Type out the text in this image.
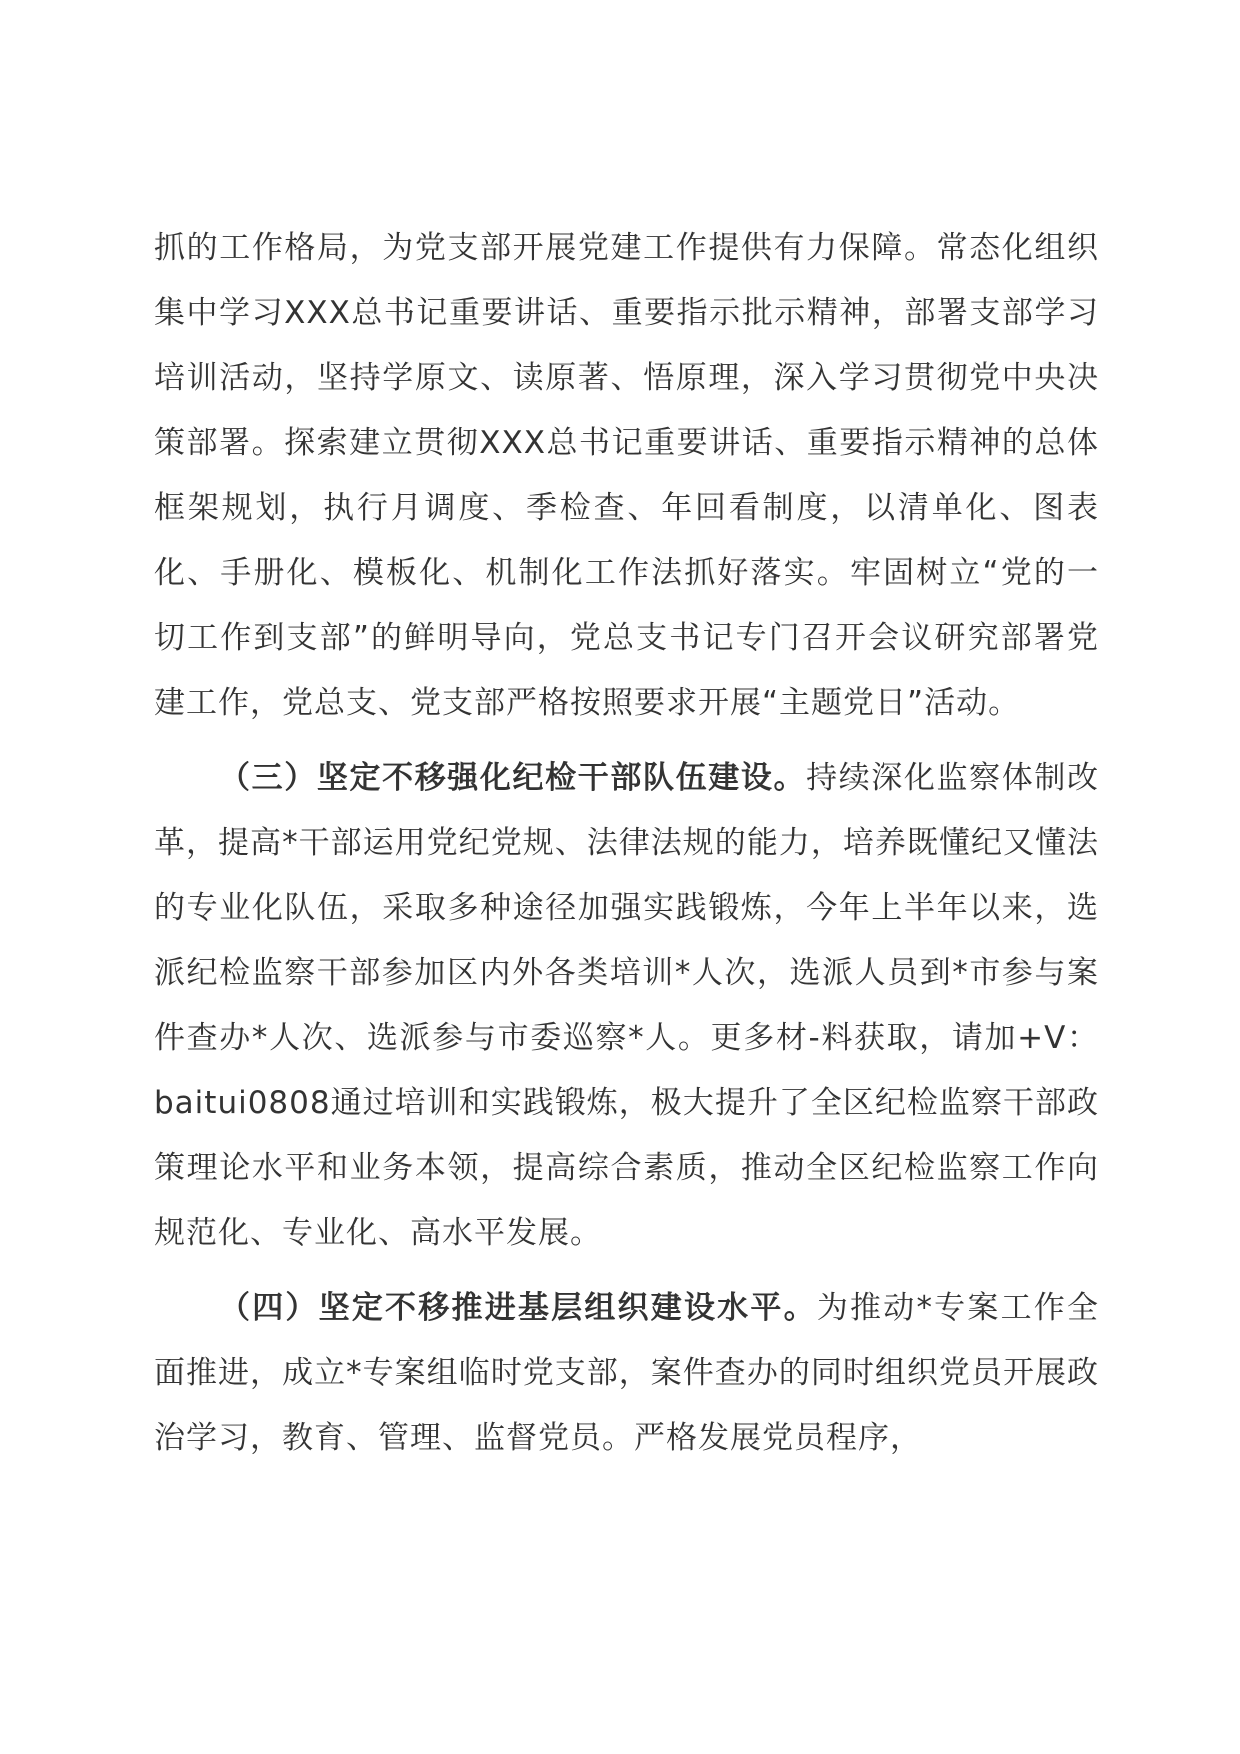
抓的工作格局，为党支部开展党建工作提供有力保障。常态化组织集中学习XXX总书记重要讲话、重要指示批示精神，部署支部学习培训活动，坚持学原文、读原著、悟原理，深入学习贯彻党中央决策部署。探索建立贯彻XXX总书记重要讲话、重要指示精神的总体框架规划，执行月调度、季检查、年回看制度，以清单化、图表化、手册化、模板化、机制化工作法抓好落实。牢固树立“党的一切工作到支部”的鲜明导向，党总支书记专门召开会议研究部署党建工作，党总支、党支部严格按照要求开展“主题党日”活动。

（三）坚定不移强化纪检干部队伍建设。持续深化监察体制改革，提高*干部运用党纪党规、法律法规的能力，培养既懂纪又懂法的专业化队伍，采取多种途径加强实践锻炼，今年上半年以来，选派纪检监察干部参加区内外各类培训*人次，选派人员到*市参与案件查办*人次、选派参与市委巡察*人。更多材-料获取，请加+V：baitui0808通过培训和实践锻炼，极大提升了全区纪检监察干部政策理论水平和业务本领，提高综合素质，推动全区纪检监察工作向规范化、专业化、高水平发展。

（四）坚定不移推进基层组织建设水平。为推动*专案工作全面推进，成立*专案组临时党支部，案件查办的同时组织党员开展政治学习，教育、管理、监督党员。严格发展党员程序，
